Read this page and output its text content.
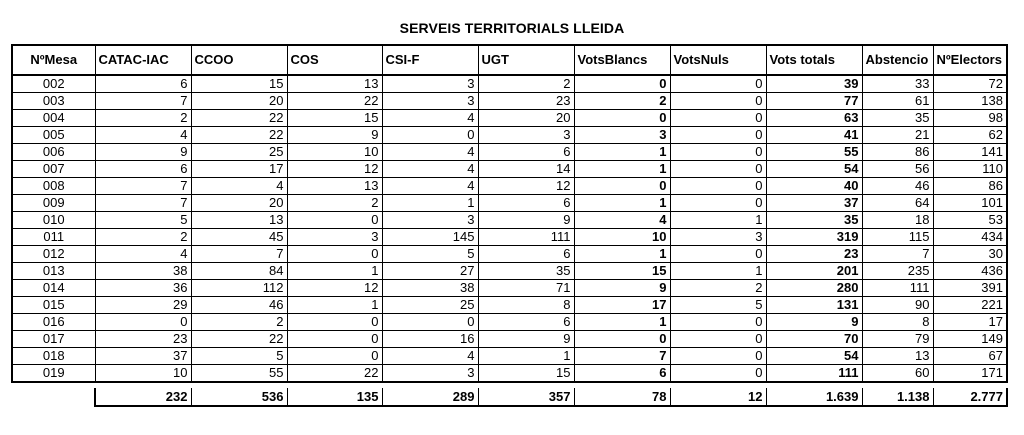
SERVEIS TERRITORIALS LLEIDA
NºMesa	CATAC-IAC	CCOO	COS	CSI-F	UGT	VotsBlancs	VotsNuls	Vots totals	Abstencio	NºElectors
002	6	15	13	3	2	0	0	39	33	72
003	7	20	22	3	23	2	0	77	61	138
004	2	22	15	4	20	0	0	63	35	98
005	4	22	9	0	3	3	0	41	21	62
006	9	25	10	4	6	1	0	55	86	141
007	6	17	12	4	14	1	0	54	56	110
008	7	4	13	4	12	0	0	40	46	86
009	7	20	2	1	6	1	0	37	64	101
010	5	13	0	3	9	4	1	35	18	53
011	2	45	3	145	111	10	3	319	115	434
012	4	7	0	5	6	1	0	23	7	30
013	38	84	1	27	35	15	1	201	235	436
014	36	112	12	38	71	9	2	280	111	391
015	29	46	1	25	8	17	5	131	90	221
016	0	2	0	0	6	1	0	9	8	17
017	23	22	0	16	9	0	0	70	79	149
018	37	5	0	4	1	7	0	54	13	67
019	10	55	22	3	15	6	0	111	60	171

	232	536	135	289	357	78	12	1.639	1.138	2.777
